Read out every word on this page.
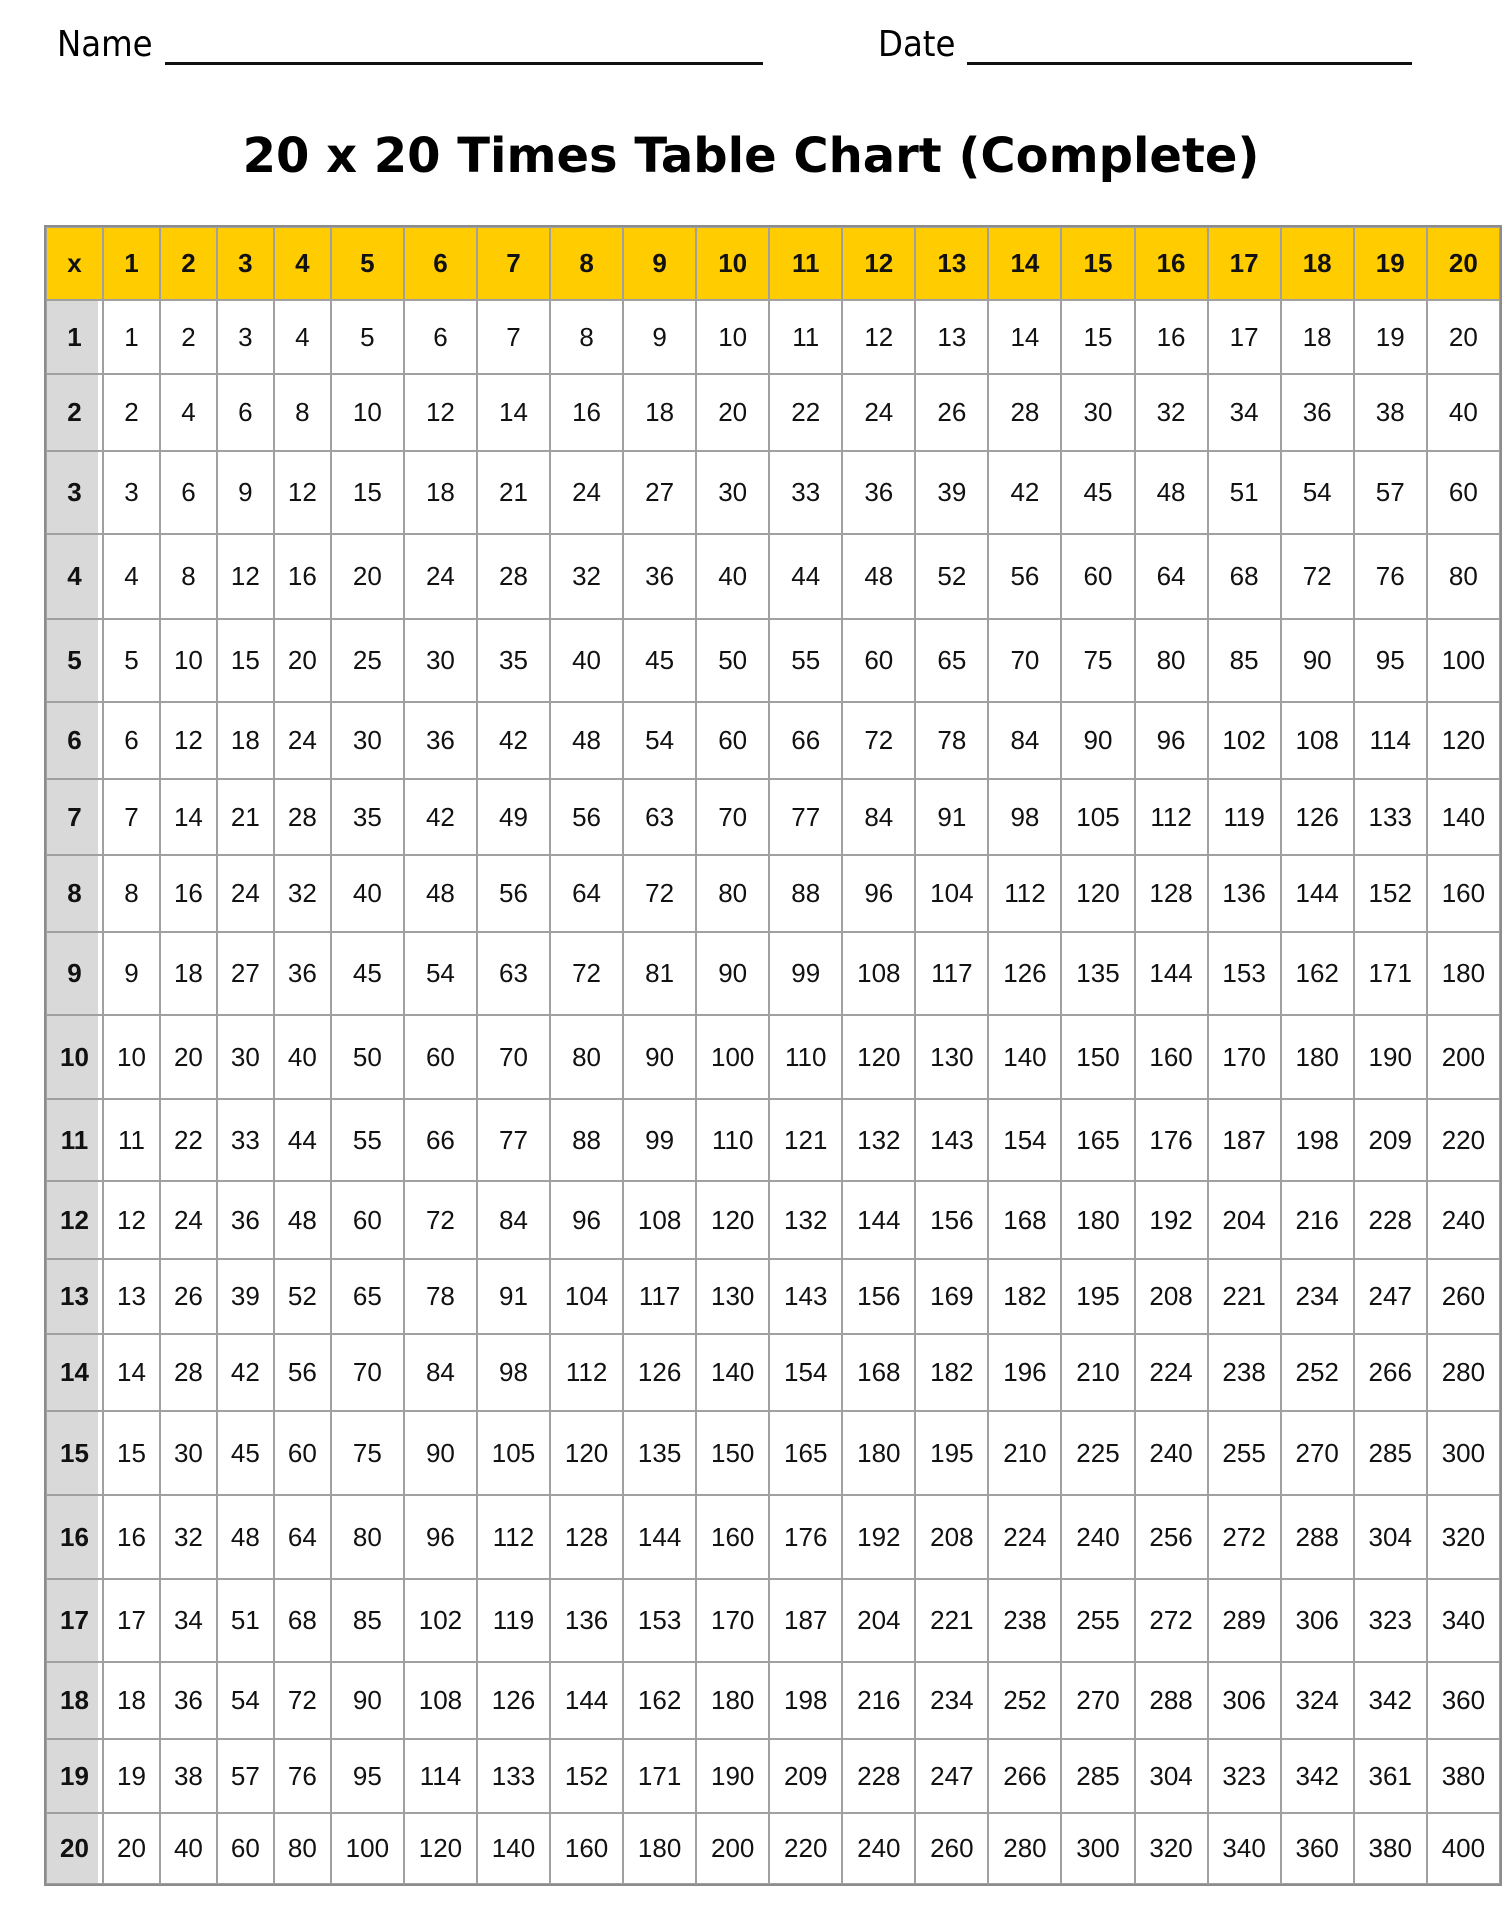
Name	Date
20 x 20 Times Table Chart (Complete)
x	1	2	3	4	5	6	7	8	9	10	11	12	13	14	15	16	17	18	19	20
1	1	2	3	4	5	6	7	8	9	10	11	12	13	14	15	16	17	18	19	20
2	2	4	6	8	10	12	14	16	18	20	22	24	26	28	30	32	34	36	38	40
3	3	6	9	12	15	18	21	24	27	30	33	36	39	42	45	48	51	54	57	60
4	4	8	12	16	20	24	28	32	36	40	44	48	52	56	60	64	68	72	76	80
5	5	10	15	20	25	30	35	40	45	50	55	60	65	70	75	80	85	90	95	100
6	6	12	18	24	30	36	42	48	54	60	66	72	78	84	90	96	102	108	114	120
7	7	14	21	28	35	42	49	56	63	70	77	84	91	98	105	112	119	126	133	140
8	8	16	24	32	40	48	56	64	72	80	88	96	104	112	120	128	136	144	152	160
9	9	18	27	36	45	54	63	72	81	90	99	108	117	126	135	144	153	162	171	180
10	10	20	30	40	50	60	70	80	90	100	110	120	130	140	150	160	170	180	190	200
11	11	22	33	44	55	66	77	88	99	110	121	132	143	154	165	176	187	198	209	220
12	12	24	36	48	60	72	84	96	108	120	132	144	156	168	180	192	204	216	228	240
13	13	26	39	52	65	78	91	104	117	130	143	156	169	182	195	208	221	234	247	260
14	14	28	42	56	70	84	98	112	126	140	154	168	182	196	210	224	238	252	266	280
15	15	30	45	60	75	90	105	120	135	150	165	180	195	210	225	240	255	270	285	300
16	16	32	48	64	80	96	112	128	144	160	176	192	208	224	240	256	272	288	304	320
17	17	34	51	68	85	102	119	136	153	170	187	204	221	238	255	272	289	306	323	340
18	18	36	54	72	90	108	126	144	162	180	198	216	234	252	270	288	306	324	342	360
19	19	38	57	76	95	114	133	152	171	190	209	228	247	266	285	304	323	342	361	380
20	20	40	60	80	100	120	140	160	180	200	220	240	260	280	300	320	340	360	380	400
